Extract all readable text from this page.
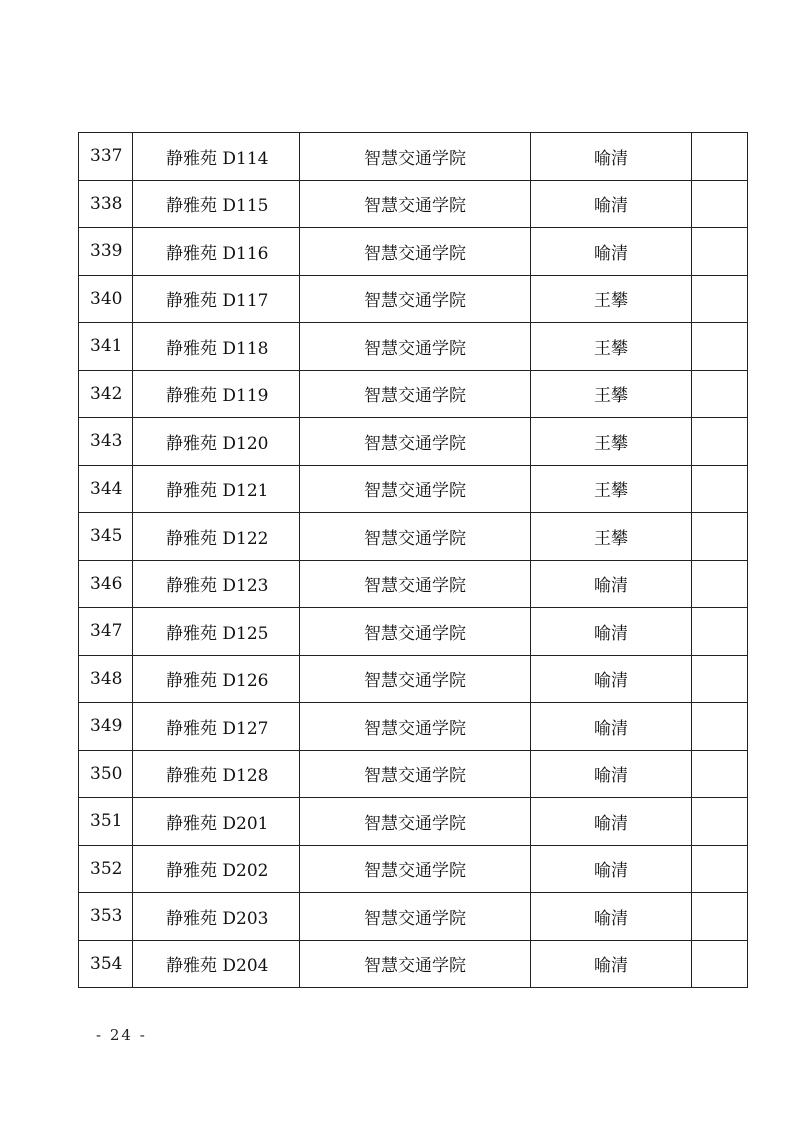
337	静雅苑 D114	智慧交通学院	喻清	
338	静雅苑 D115	智慧交通学院	喻清	
339	静雅苑 D116	智慧交通学院	喻清	
340	静雅苑 D117	智慧交通学院	王攀	
341	静雅苑 D118	智慧交通学院	王攀	
342	静雅苑 D119	智慧交通学院	王攀	
343	静雅苑 D120	智慧交通学院	王攀	
344	静雅苑 D121	智慧交通学院	王攀	
345	静雅苑 D122	智慧交通学院	王攀	
346	静雅苑 D123	智慧交通学院	喻清	
347	静雅苑 D125	智慧交通学院	喻清	
348	静雅苑 D126	智慧交通学院	喻清	
349	静雅苑 D127	智慧交通学院	喻清	
350	静雅苑 D128	智慧交通学院	喻清	
351	静雅苑 D201	智慧交通学院	喻清	
352	静雅苑 D202	智慧交通学院	喻清	
353	静雅苑 D203	智慧交通学院	喻清	
354	静雅苑 D204	智慧交通学院	喻清	
- 24 -
